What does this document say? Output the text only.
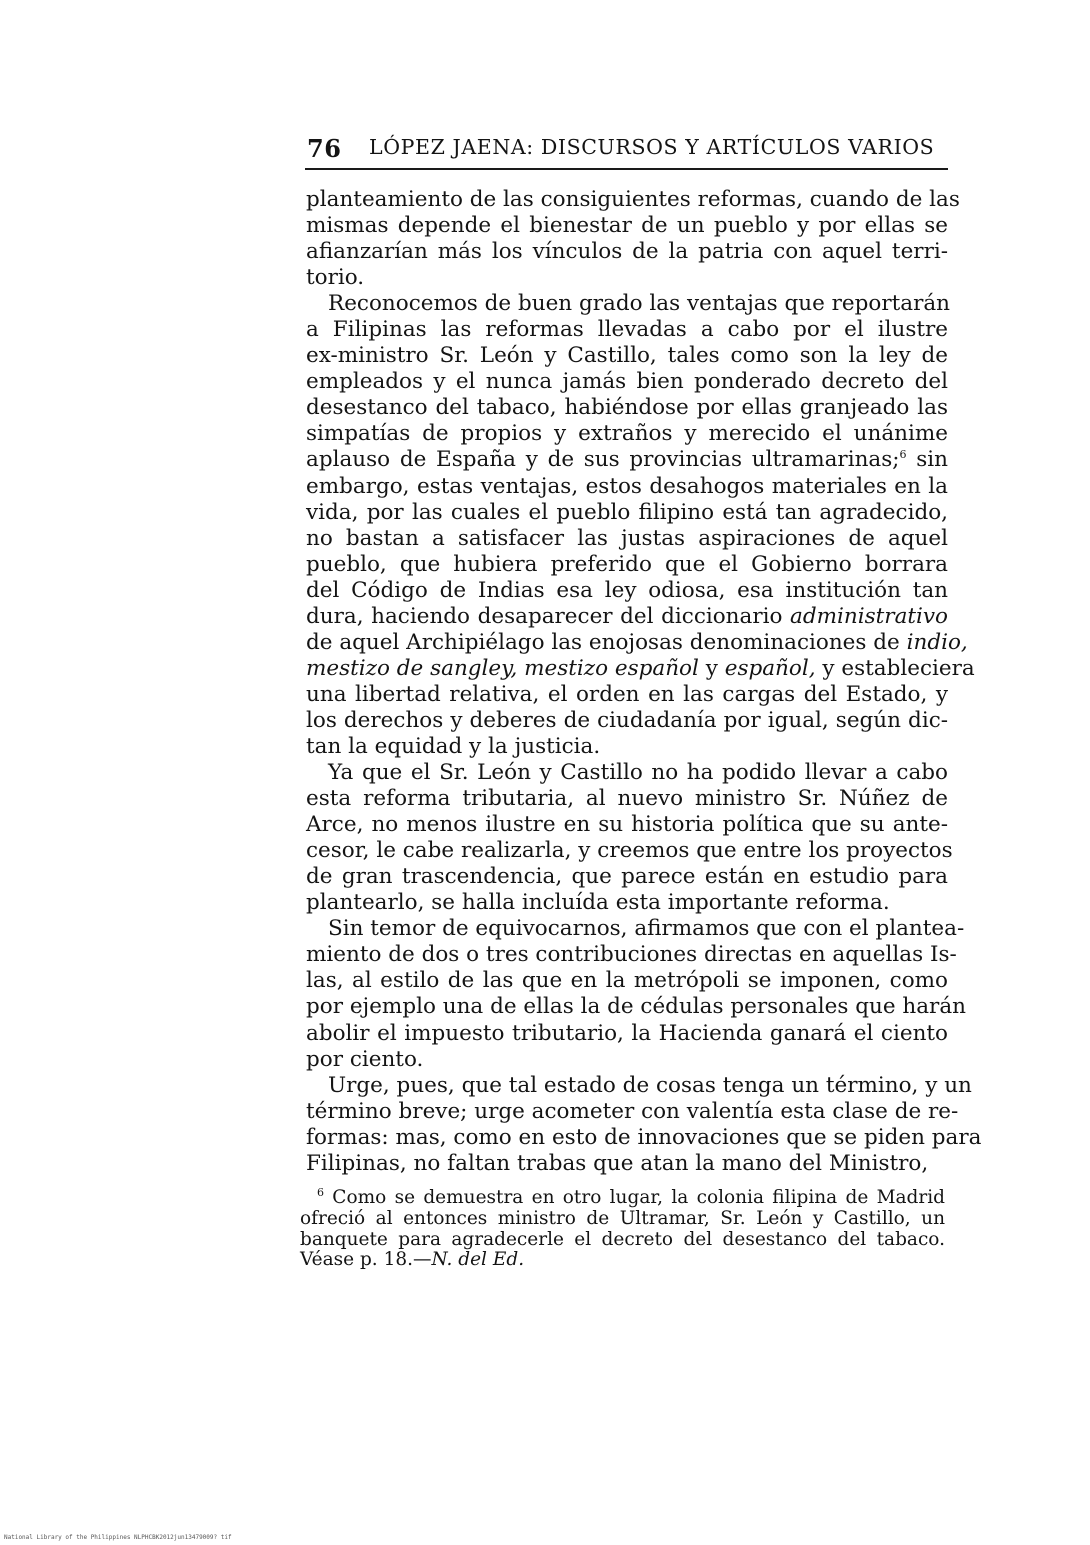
76 LÓPEZ JAENA: DISCURSOS Y ARTÍCULOS VARIOS
planteamiento de las consiguientes reformas, cuando de las
mismas depende el bienestar de un pueblo y por ellas se
afianzarían más los vínculos de la patria con aquel terri-
torio.
Reconocemos de buen grado las ventajas que reportarán
a Filipinas las reformas llevadas a cabo por el ilustre
ex-ministro Sr. León y Castillo, tales como son la ley de
empleados y el nunca jamás bien ponderado decreto del
desestanco del tabaco, habiéndose por ellas granjeado las
simpatías de propios y extraños y merecido el unánime
aplauso de España y de sus provincias ultramarinas;$^6$ sin
embargo, estas ventajas, estos desahogos materiales en la
vida, por las cuales el pueblo filipino está tan agradecido,
no bastan a satisfacer las justas aspiraciones de aquel
pueblo, que hubiera preferido que el Gobierno borrara
del Código de Indias esa ley odiosa, esa institución tan
dura, haciendo desaparecer del diccionario administrativo
de aquel Archipiélago las enojosas denominaciones de indio,
mestizo de sangley, mestizo español y español, y estableciera
una libertad relativa, el orden en las cargas del Estado, y
los derechos y deberes de ciudadanía por igual, según dic-
tan la equidad y la justicia.
Ya que el Sr. León y Castillo no ha podido llevar a cabo
esta reforma tributaria, al nuevo ministro Sr. Núñez de
Arce, no menos ilustre en su historia política que su ante-
cesor, le cabe realizarla, y creemos que entre los proyectos
de gran trascendencia, que parece están en estudio para
plantearlo, se halla incluída esta importante reforma.
Sin temor de equivocarnos, afirmamos que con el plantea-
miento de dos o tres contribuciones directas en aquellas Is-
las, al estilo de las que en la metrópoli se imponen, como
por ejemplo una de ellas la de cédulas personales que harán
abolir el impuesto tributario, la Hacienda ganará el ciento
por ciento.
Urge, pues, que tal estado de cosas tenga un término, y un
término breve; urge acometer con valentía esta clase de re-
formas: mas, como en esto de innovaciones que se piden para
Filipinas, no faltan trabas que atan la mano del Ministro,
$^6$ Como se demuestra en otro lugar, la colonia filipina de Madrid
ofreció al entonces ministro de Ultramar, Sr. León y Castillo, un
banquete para agradecerle el decreto del desestanco del tabaco.
Véase p. 18.—N. del Ed.
National Library of the Philippines NLPHCBK2012jun13479009? tif
